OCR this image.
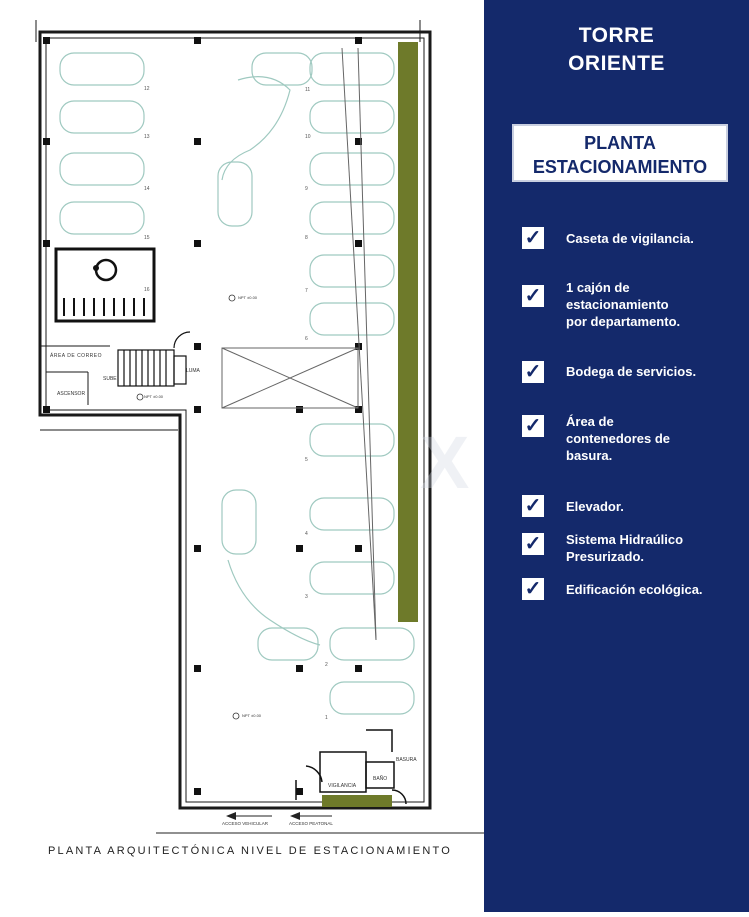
ÁREA DE CORREO
ASCENSOR
SUBE
LUMA
BASURA
VIGILANCIA
BAÑO
ACCESO VEHICULAR	ACCESO PEATONAL
NPT ±0.00
NPT ±0.00
NPT ±0.00
12
13
14
15
16
11
10
9
8
7
6
5
4
3
2
1
PLANTA ARQUITECTÓNICA NIVEL DE ESTACIONAMIENTO
X
TORRE
ORIENTE
PLANTA
ESTACIONAMIENTO
✓ Caseta de vigilancia.
✓ 1 cajón de
estacionamiento
por departamento.
✓ Bodega de servicios.
✓ Área de
contenedores de
basura.
✓ Elevador.
✓ Sistema Hidraúlico
Presurizado.
✓ Edificación ecológica.
